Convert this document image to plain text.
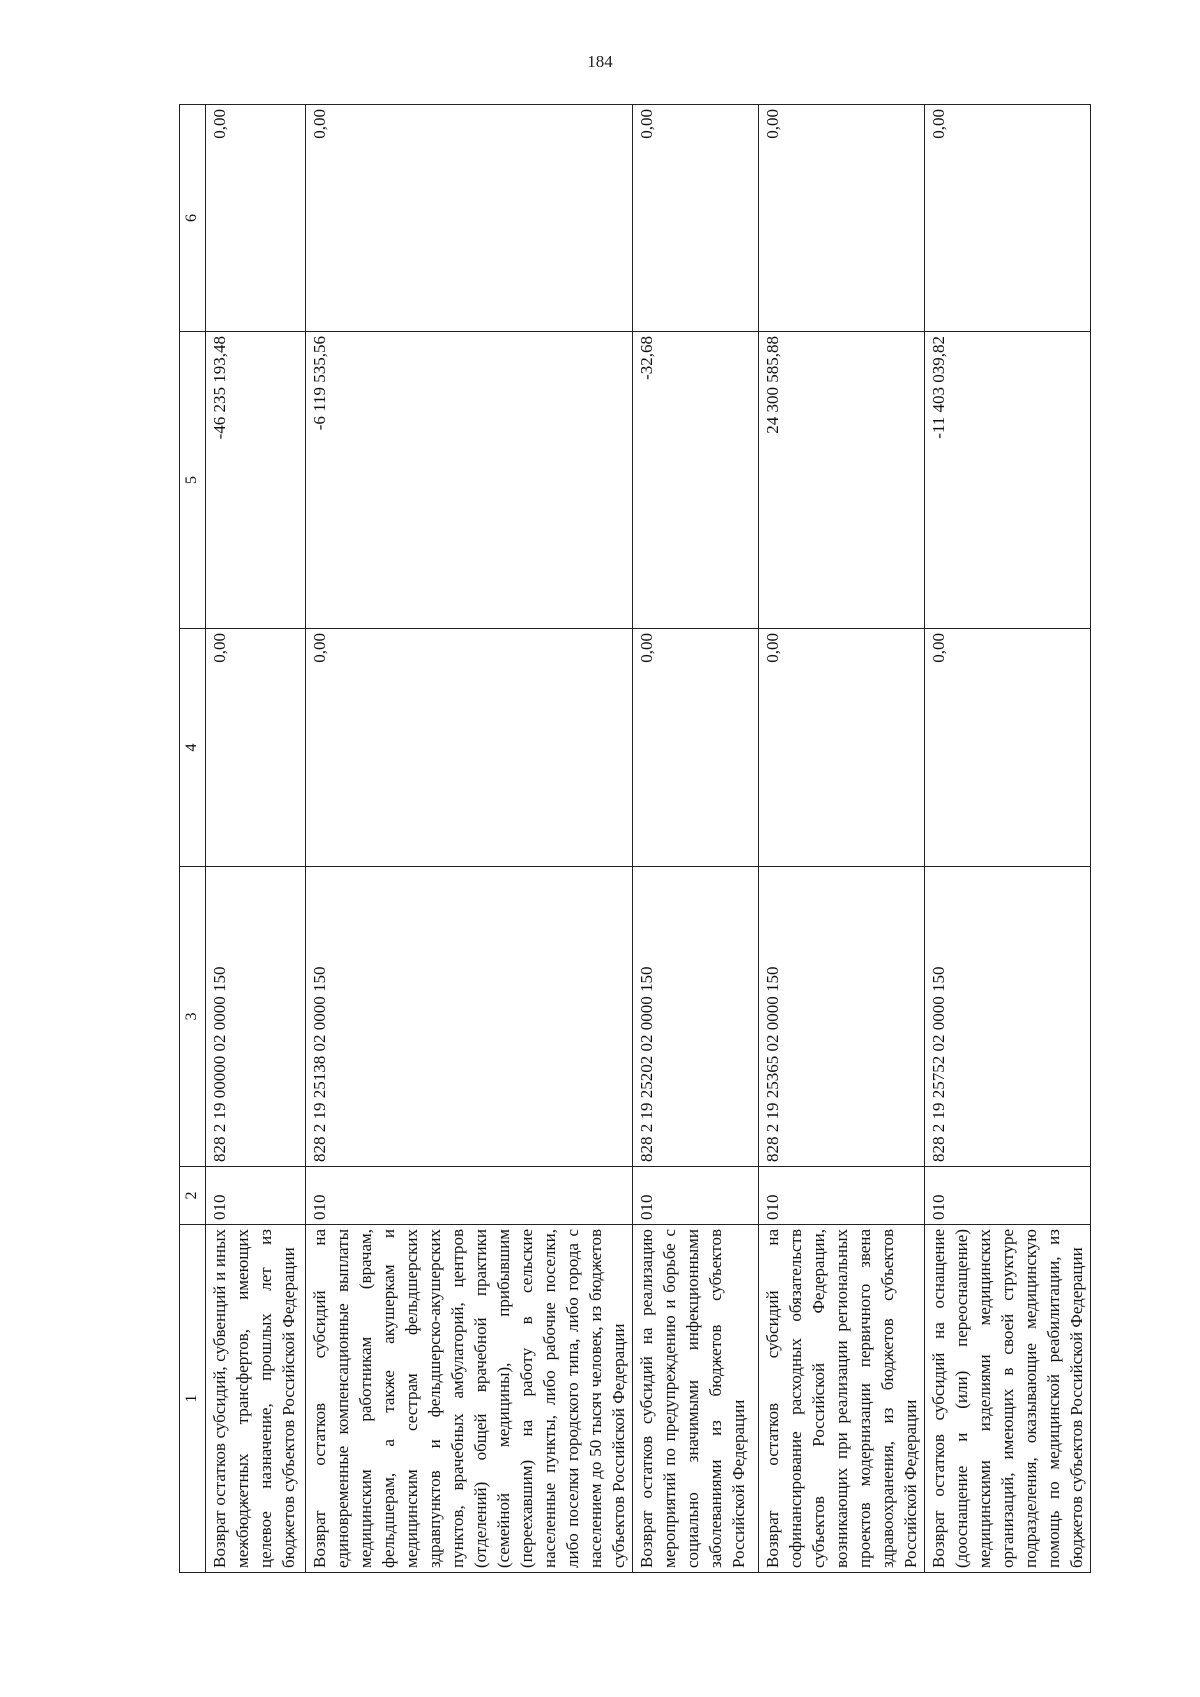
184
1	2	3	4	5	6
Возврат остатков субсидий, субвенций и иных межбюджетных трансфертов, имеющих целевое назначение, прошлых лет из бюджетов субъектов Российской Федерации	010	828 2 19 00000 02 0000 150	0,00	-46 235 193,48	0,00
Возврат остатков субсидий на единовременные компенсационные выплаты медицинским работникам (врачам, фельдшерам, а также акушеркам и медицинским сестрам фельдшерских здравпунктов и фельдшерско-акушерских пунктов, врачебных амбулаторий, центров (отделений) общей врачебной практики (семейной медицины), прибывшим (переехавшим) на работу в сельские населенные пункты, либо рабочие поселки, либо поселки городского типа, либо города с населением до 50 тысяч человек, из бюджетов субъектов Российской Федерации	010	828 2 19 25138 02 0000 150	0,00	-6 119 535,56	0,00
Возврат остатков субсидий на реализацию мероприятий по предупреждению и борьбе с социально значимыми инфекционными заболеваниями из бюджетов субъектов Российской Федерации	010	828 2 19 25202 02 0000 150	0,00	-32,68	0,00
Возврат остатков субсидий на софинансирование расходных обязательств субъектов Российской Федерации, возникающих при реализации региональных проектов модернизации первичного звена здравоохранения, из бюджетов субъектов Российской Федерации	010	828 2 19 25365 02 0000 150	0,00	24 300 585,88	0,00
Возврат остатков субсидий на оснащение (дооснащение и (или) переоснащение) медицинскими изделиями медицинских организаций, имеющих в своей структуре подразделения, оказывающие медицинскую помощь по медицинской реабилитации, из бюджетов субъектов Российской Федерации	010	828 2 19 25752 02 0000 150	0,00	-11 403 039,82	0,00
